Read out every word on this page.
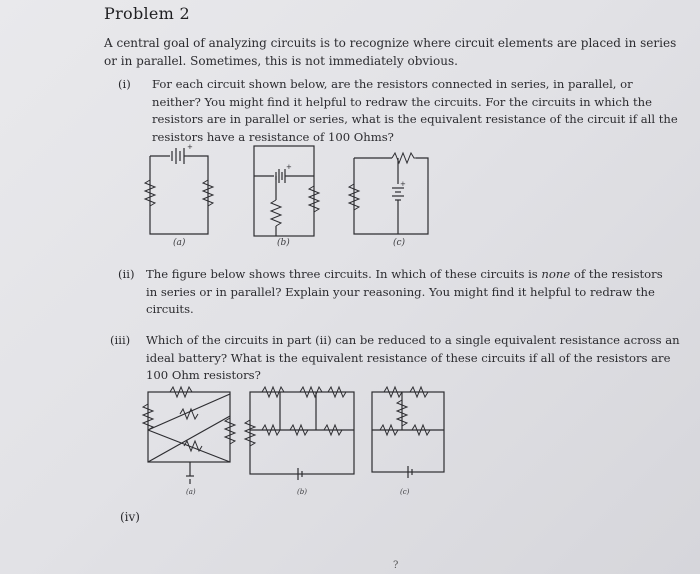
Problem 2
A central goal of analyzing circuits is to recognize where circuit elements are placed in series or in parallel. Sometimes, this is not immediately obvious.
(i) For each circuit shown below, are the resistors connected in series, in parallel, or neither? You might find it helpful to redraw the circuits. For the circuits in which the resistors are in parallel or series, what is the equivalent resistance of the circuit if all the resistors have a resistance of 100 Ohms?
+
+
+
(a)	(b)	(c)
(ii) The figure below shows three circuits. In which of these circuits is none of the resistors in series or in parallel? Explain your reasoning. You might find it helpful to redraw the circuits.
(iii) Which of the circuits in part (ii) can be reduced to a single equivalent resistance across an ideal battery? What is the equivalent resistance of these circuits if all of the resistors are 100 Ohm resistors?
(a)	(b)	(c)
(iv)
?
